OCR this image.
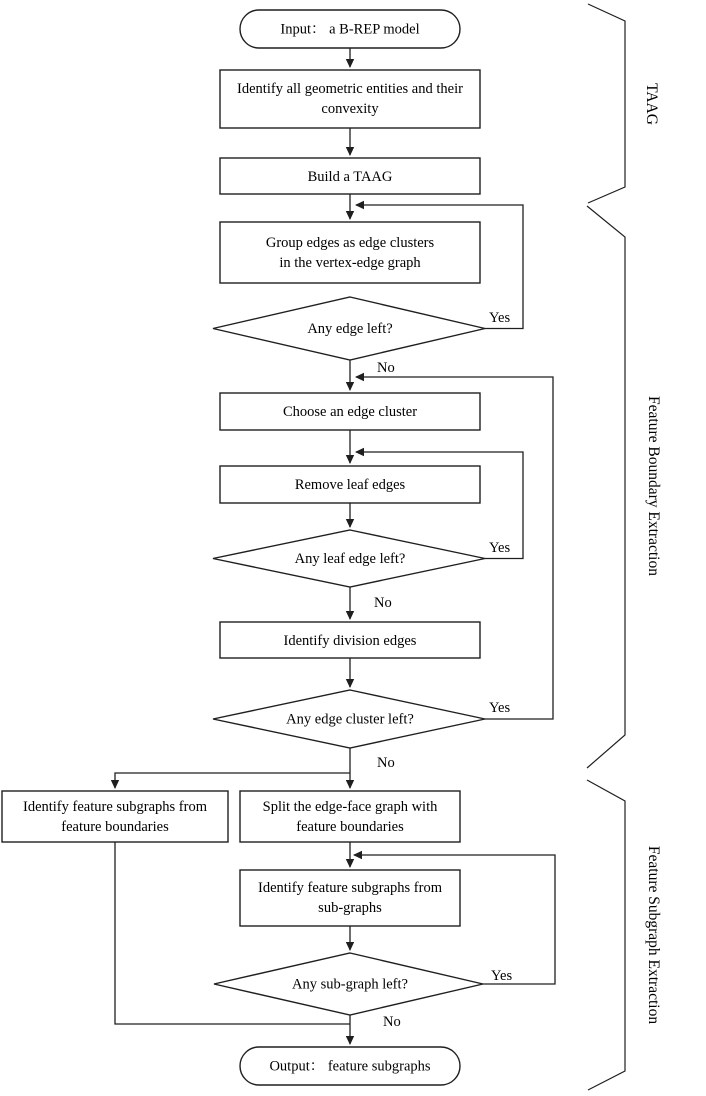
Input： a B-REP model
Identify all geometric entities and their
convexity
Build a TAAG
Group edges as edge clusters
in the vertex-edge graph
Any edge left?
Choose an edge cluster
Remove leaf edges
Any leaf edge left?
Identify division edges
Any edge cluster left?
Identify feature subgraphs from
feature boundaries
Split the edge-face graph with
feature boundaries
Identify feature subgraphs from
sub-graphs
Any sub-graph left?
Output： feature subgraphs
Yes
No
Yes
No
Yes
No
Yes
No
TAAG
Feature Boundary Extraction
Feature Subgraph Extraction
